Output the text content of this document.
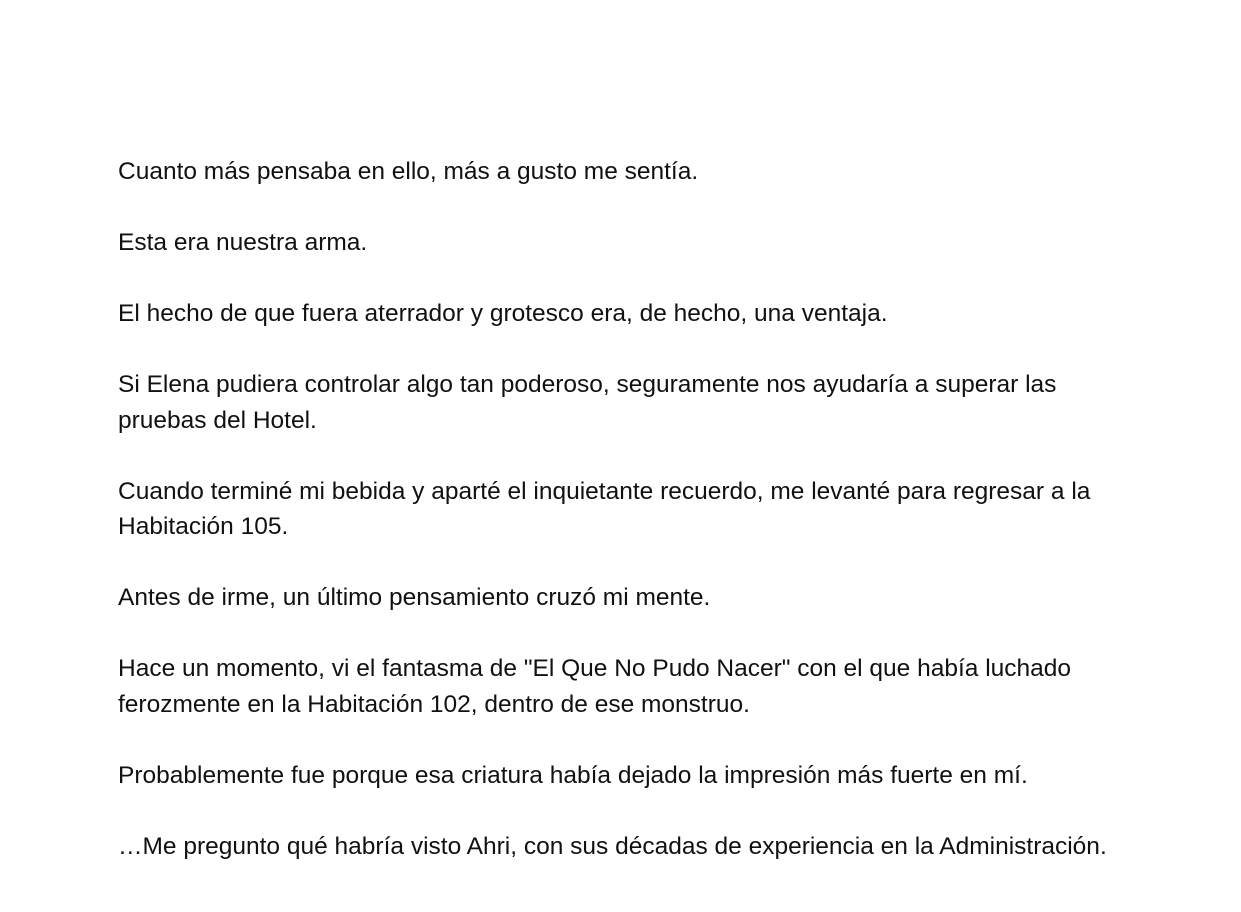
Cuanto más pensaba en ello, más a gusto me sentía.

Esta era nuestra arma.

El hecho de que fuera aterrador y grotesco era, de hecho, una ventaja.

Si Elena pudiera controlar algo tan poderoso, seguramente nos ayudaría a superar las pruebas del Hotel.

Cuando terminé mi bebida y aparté el inquietante recuerdo, me levanté para regresar a la Habitación 105.

Antes de irme, un último pensamiento cruzó mi mente.

Hace un momento, vi el fantasma de "El Que No Pudo Nacer" con el que había luchado ferozmente en la Habitación 102, dentro de ese monstruo.

Probablemente fue porque esa criatura había dejado la impresión más fuerte en mí.

…Me pregunto qué habría visto Ahri, con sus décadas de experiencia en la Administración.
